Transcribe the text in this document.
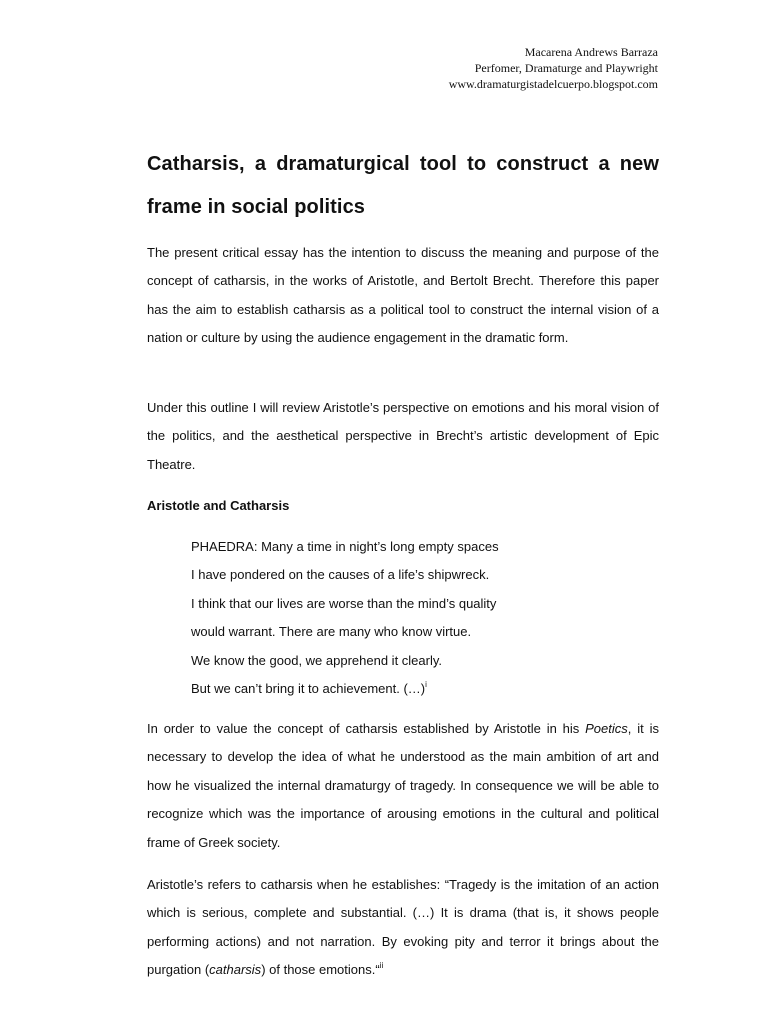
Macarena Andrews Barraza
Perfomer, Dramaturge and Playwright
www.dramaturgistadelcuerpo.blogspot.com
Catharsis, a dramaturgical tool to construct a new frame in social politics
The present critical essay has the intention to discuss the meaning and purpose of the concept of catharsis, in the works of Aristotle, and Bertolt Brecht. Therefore this paper has the aim to establish catharsis as a political tool to construct the internal vision of a nation or culture by using the audience engagement in the dramatic form.
Under this outline I will review Aristotle’s perspective on emotions and his moral vision of the politics, and the aesthetical perspective in Brecht’s artistic development of Epic Theatre.
Aristotle and Catharsis
PHAEDRA: Many a time in night’s long empty spaces
I have pondered on the causes of a life’s shipwreck.
I think that our lives are worse than the mind’s quality
would warrant. There are many who know virtue.
We know the good, we apprehend it clearly.
But we can’t bring it to achievement. (…)$^i$
In order to value the concept of catharsis established by Aristotle in his Poetics, it is necessary to develop the idea of what he understood as the main ambition of art and how he visualized the internal dramaturgy of tragedy. In consequence we will be able to recognize which was the importance of arousing emotions in the cultural and political frame of Greek society.
Aristotle’s refers to catharsis when he establishes: “Tragedy is the imitation of an action which is serious, complete and substantial. (…) It is drama (that is, it shows people performing actions) and not narration. By evoking pity and terror it brings about the purgation (catharsis) of those emotions.“$^{ii}$
